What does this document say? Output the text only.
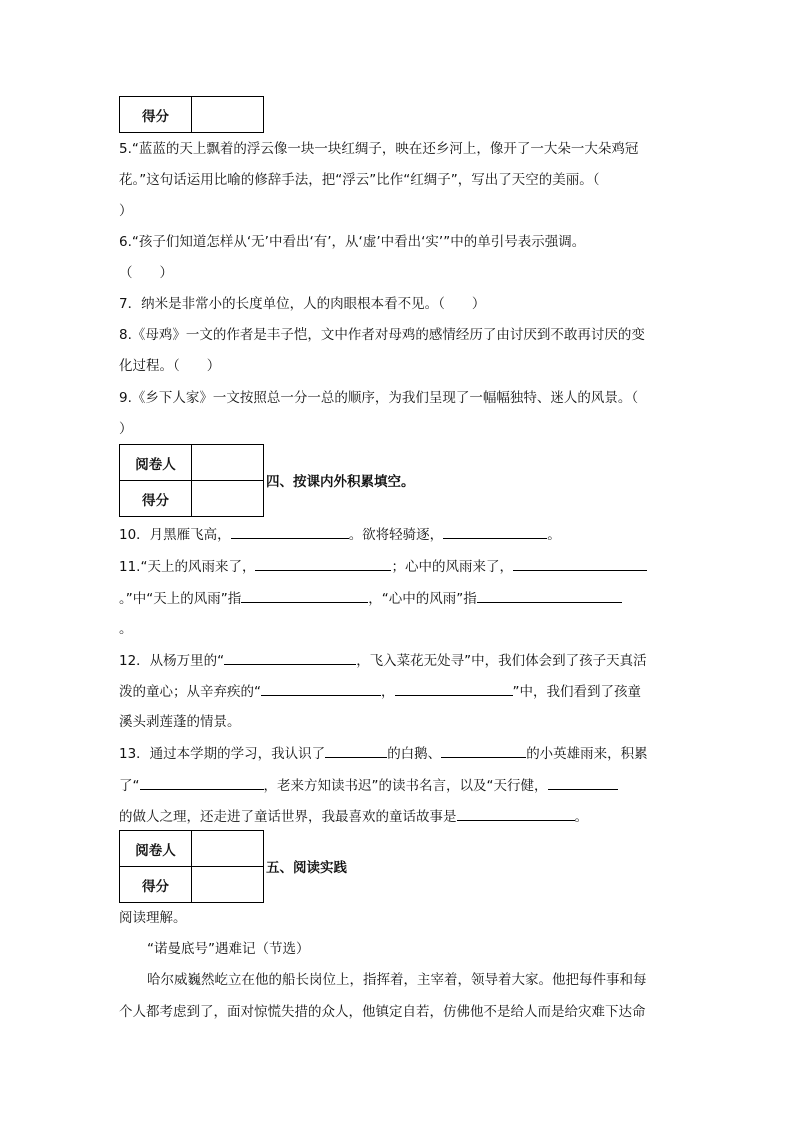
得分	
5.“蓝蓝的天上飘着的浮云像一块一块红绸子，映在还乡河上，像开了一大朵一大朵鸡冠
花。”这句话运用比喻的修辞手法，把“浮云”比作“红绸子”，写出了天空的美丽。（
）
6.“孩子们知道怎样从‘无’中看出‘有’，从‘虚’中看出‘实’”中的单引号表示强调。
（　　）
7．纳米是非常小的长度单位，人的肉眼根本看不见。（　　）
8.《母鸡》一文的作者是丰子恺，文中作者对母鸡的感情经历了由讨厌到不敢再讨厌的变
化过程。（　　）
9.《乡下人家》一文按照总一分一总的顺序，为我们呈现了一幅幅独特、迷人的风景。（
）
阅卷人	
得分	
四、按课内外积累填空。
10．月黑雁飞高，	。欲将轻骑逐，	。
11.“天上的风雨来了，	；心中的风雨来了，
。”中“天上的风雨”指	，“心中的风雨”指
。
12．从杨万里的“	，飞入菜花无处寻”中，我们体会到了孩子天真活
泼的童心；从辛弃疾的“	，	”中，我们看到了孩童
溪头剥莲蓬的情景。
13．通过本学期的学习，我认识了	的白鹅、	的小英雄雨来，积累
了“	，老来方知读书迟”的读书名言，以及“天行健，
的做人之理，还走进了童话世界，我最喜欢的童话故事是	。
阅卷人	
得分	
五、阅读实践
阅读理解。
“诺曼底号”遇难记（节选）
哈尔威巍然屹立在他的船长岗位上，指挥着，主宰着，领导着大家。他把每件事和每
个人都考虑到了，面对惊慌失措的众人，他镇定自若，仿佛他不是给人而是给灾难下达命
